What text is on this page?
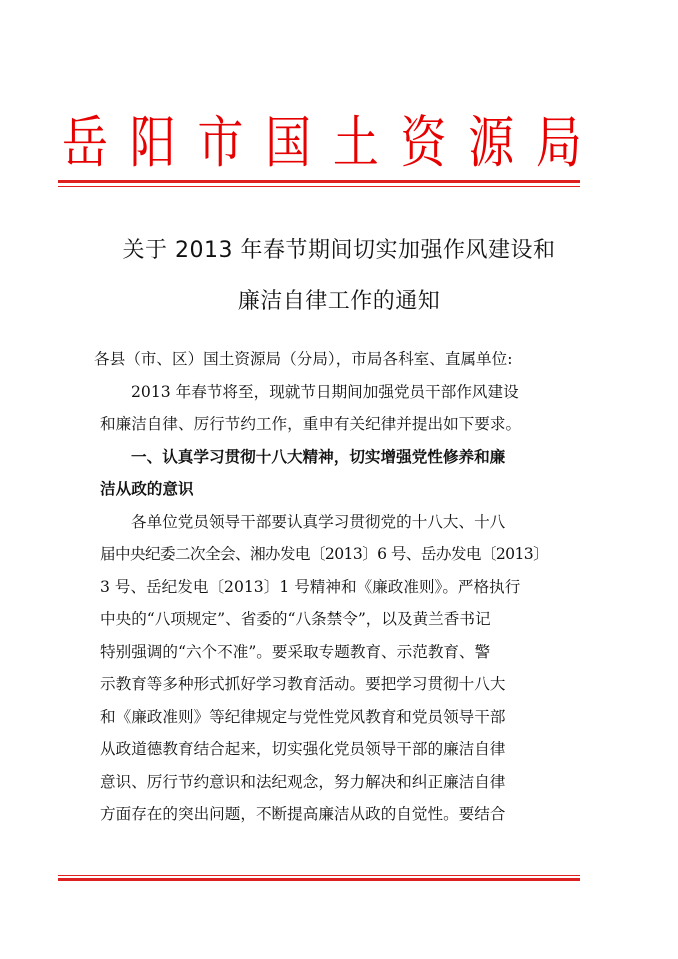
岳 阳 市 国 土 资 源 局
关于 2013 年春节期间切实加强作风建设和
廉洁自律工作的通知
各县（市、区）国土资源局（分局），市局各科室、直属单位:
2013 年春节将至，现就节日期间加强党员干部作风建设
和廉洁自律、厉行节约工作，重申有关纪律并提出如下要求。
一、认真学习贯彻十八大精神，切实增强党性修养和廉
洁从政的意识
各单位党员领导干部要认真学习贯彻党的十八大、十八
届中央纪委二次全会、湘办发电〔2013〕6 号、岳办发电〔2013〕
3 号、岳纪发电〔2013〕1 号精神和《廉政准则》。严格执行
中央的“八项规定”、省委的“八条禁令”，以及黄兰香书记
特别强调的“六个不准”。要采取专题教育、示范教育、警
示教育等多种形式抓好学习教育活动。要把学习贯彻十八大
和《廉政准则》等纪律规定与党性党风教育和党员领导干部
从政道德教育结合起来，切实强化党员领导干部的廉洁自律
意识、厉行节约意识和法纪观念，努力解决和纠正廉洁自律
方面存在的突出问题，不断提高廉洁从政的自觉性。要结合
